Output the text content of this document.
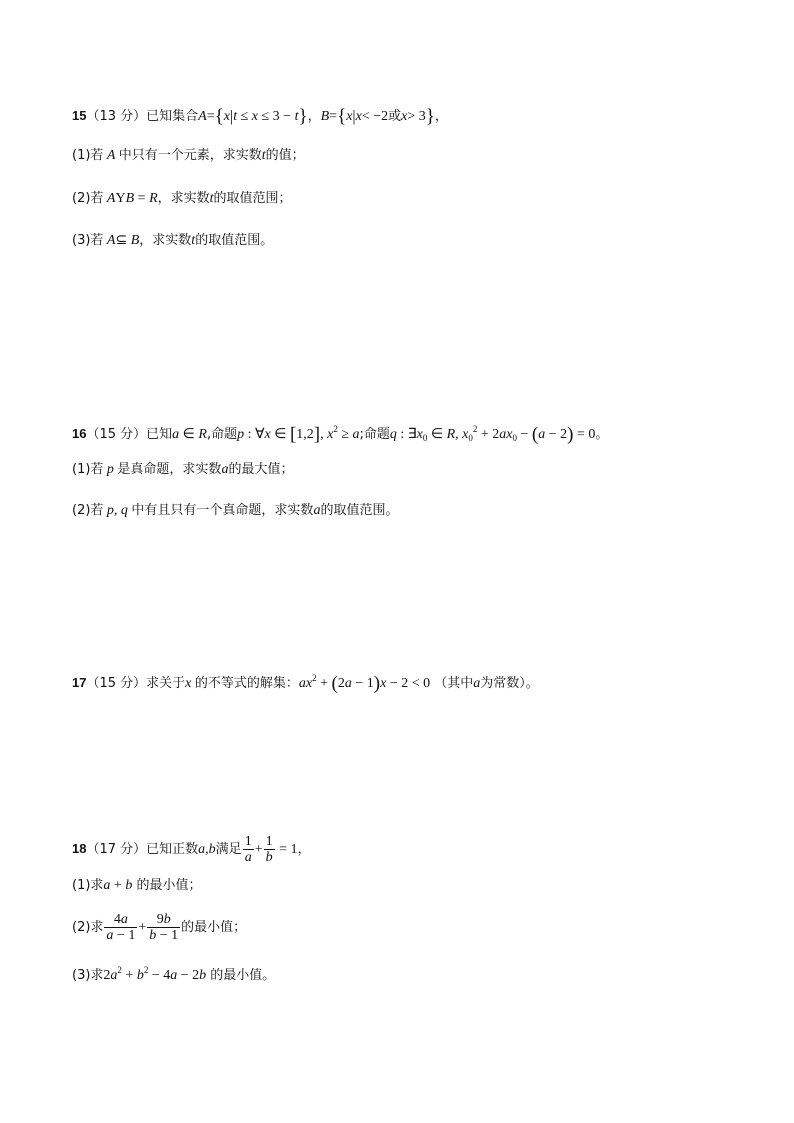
15（13 分）已知集合A={x|t ≤ x ≤ 3 − t}，B={x|x< −2或x> 3}，
(1)若 A 中只有一个元素，求实数t的值；
(2)若 AYB = R，求实数t的取值范围；
(3)若 A⊆ B，求实数t的取值范围。
16（15 分）已知a ∈ R,命题p : ∀x ∈ [1,2], $x^2 \ge a$;命题q : $\exists x_0$ ∈ R, $x_0^2 + 2ax_0 - (a - 2) = 0$。
(1)若 p 是真命题，求实数a的最大值；
(2)若 p, q 中有且只有一个真命题，求实数a的取值范围。
17（15 分）求关于x 的不等式的解集：$ax^2 + (2a - 1)x - 2 < 0$ （其中a为常数）。
18（17 分）已知正数a,b满足 $\frac{1}{a} + \frac{1}{b} = 1$，
(1)求a + b 的最小值；
(2)求 $\frac{4a}{a - 1} + \frac{9b}{b - 1}$ 的最小值；
(3)求$2a^2 + b^2 - 4a - 2b$ 的最小值。
